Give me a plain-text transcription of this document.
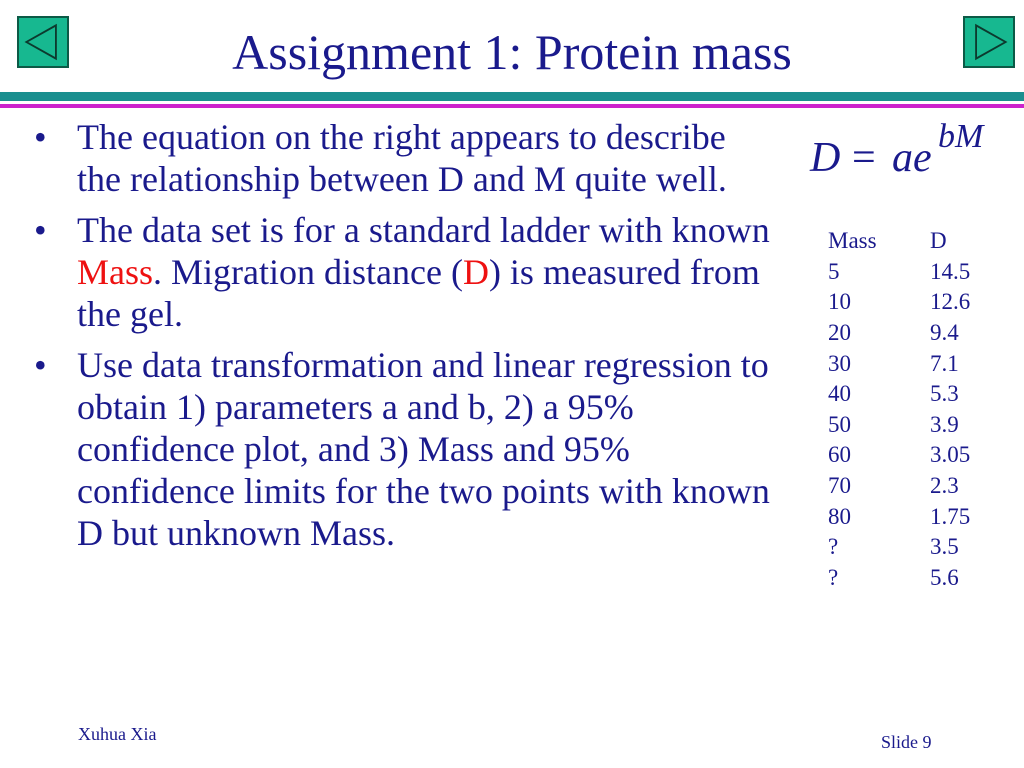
Assignment 1: Protein mass
• The equation on the right appears to describe the relationship between D and M quite well.
• The data set is for a standard ladder with known Mass. Migration distance (D) is measured from the gel.
• Use data transformation and linear regression to obtain 1) parameters a and b, 2) a 95% confidence plot, and 3) Mass and 95% confidence limits for the two points with known D but unknown Mass.
D = ae bM
Mass	D
5	14.5
10	12.6
20	9.4
30	7.1
40	5.3
50	3.9
60	3.05
70	2.3
80	1.75
?	3.5
?	5.6
Xuhua Xia	Slide 9
